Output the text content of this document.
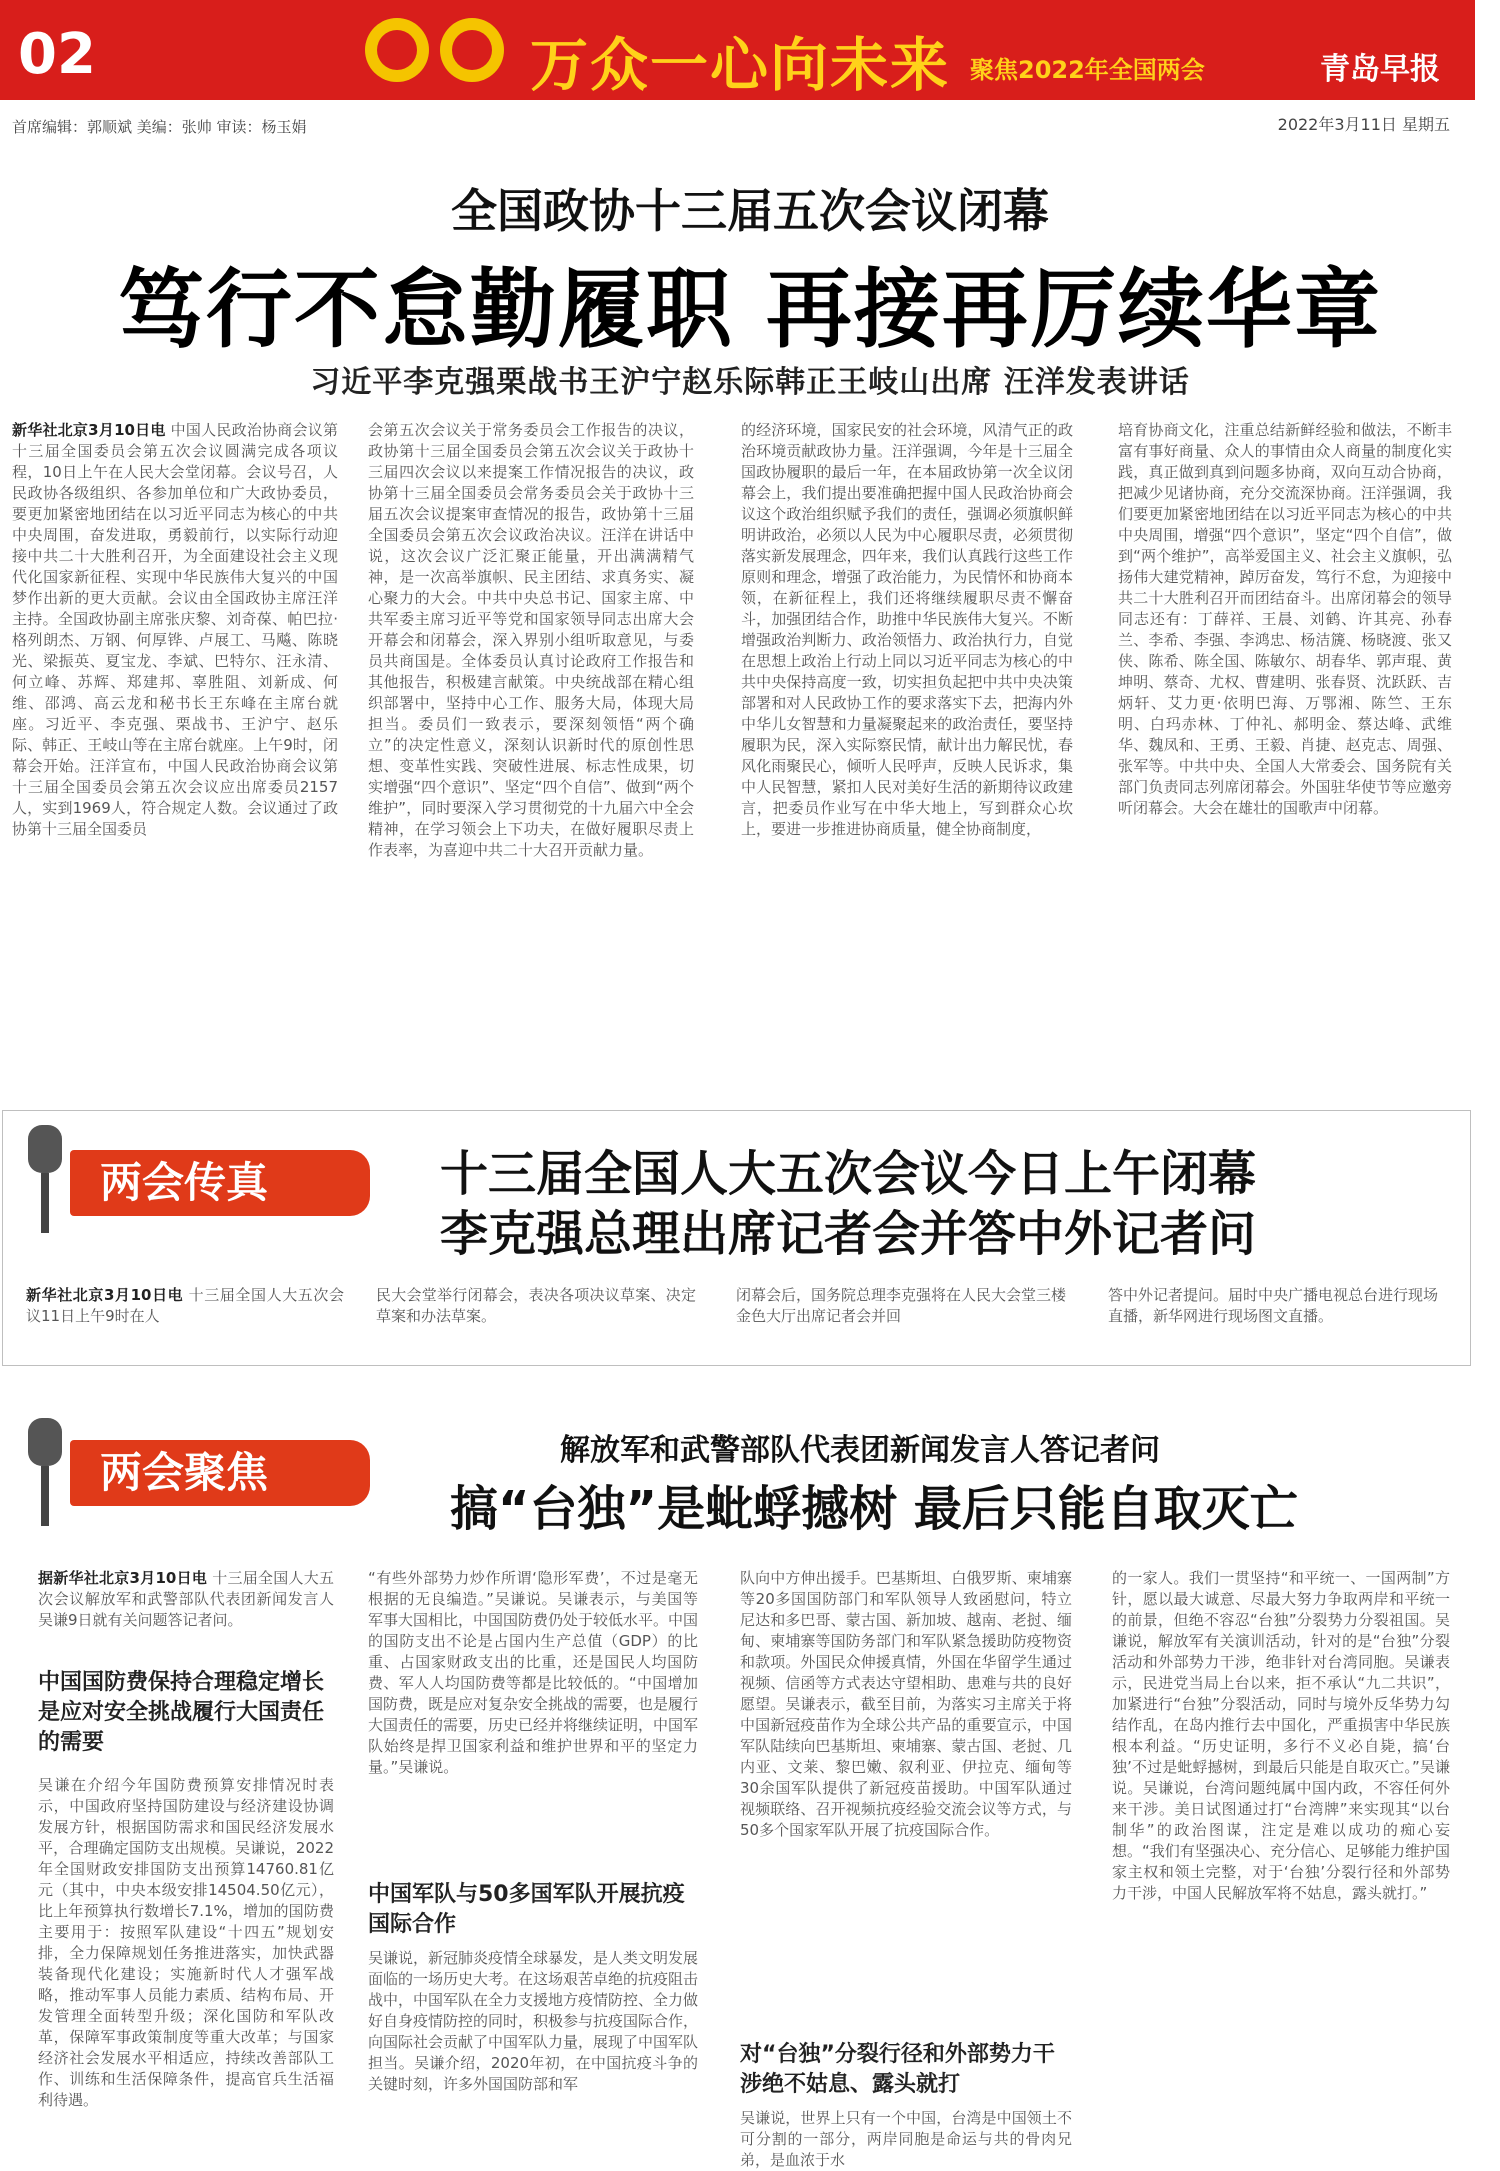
02	万众一心向未来 聚焦2022年全国两会	青岛早报
首席编辑：郭顺斌 美编：张帅 审读：杨玉娟	2022年3月11日 星期五
全国政协十三届五次会议闭幕
笃行不怠勤履职 再接再厉续华章
习近平李克强栗战书王沪宁赵乐际韩正王岐山出席 汪洋发表讲话
新华社北京3月10日电 中国人民政治协商会议第十三届全国委员会第五次会议圆满完成各项议程，10日上午在人民大会堂闭幕。会议号召，人民政协各级组织、各参加单位和广大政协委员，要更加紧密地团结在以习近平同志为核心的中共中央周围，奋发进取，勇毅前行，以实际行动迎接中共二十大胜利召开，为全面建设社会主义现代化国家新征程、实现中华民族伟大复兴的中国梦作出新的更大贡献。会议由全国政协主席汪洋主持。全国政协副主席张庆黎、刘奇葆、帕巴拉·格列朗杰、万钢、何厚铧、卢展工、马飚、陈晓光、梁振英、夏宝龙、李斌、巴特尔、汪永清、何立峰、苏辉、郑建邦、辜胜阻、刘新成、何维、邵鸿、高云龙和秘书长王东峰在主席台就座。习近平、李克强、栗战书、王沪宁、赵乐际、韩正、王岐山等在主席台就座。上午9时，闭幕会开始。汪洋宣布，中国人民政治协商会议第十三届全国委员会第五次会议应出席委员2157人，实到1969人，符合规定人数。会议通过了政协第十三届全国委员
会第五次会议关于常务委员会工作报告的决议，政协第十三届全国委员会第五次会议关于政协十三届四次会议以来提案工作情况报告的决议，政协第十三届全国委员会常务委员会关于政协十三届五次会议提案审查情况的报告，政协第十三届全国委员会第五次会议政治决议。汪洋在讲话中说，这次会议广泛汇聚正能量，开出满满精气神，是一次高举旗帜、民主团结、求真务实、凝心聚力的大会。中共中央总书记、国家主席、中共军委主席习近平等党和国家领导同志出席大会开幕会和闭幕会，深入界别小组听取意见，与委员共商国是。全体委员认真讨论政府工作报告和其他报告，积极建言献策。中央统战部在精心组织部署中，坚持中心工作、服务大局，体现大局担当。委员们一致表示，要深刻领悟“两个确立”的决定性意义，深刻认识新时代的原创性思想、变革性实践、突破性进展、标志性成果，切实增强“四个意识”、坚定“四个自信”、做到“两个维护”，同时要深入学习贯彻党的十九届六中全会精神，在学习领会上下功夫，在做好履职尽责上作表率，为喜迎中共二十大召开贡献力量。
的经济环境，国家民安的社会环境，风清气正的政治环境贡献政协力量。汪洋强调，今年是十三届全国政协履职的最后一年，在本届政协第一次全议闭幕会上，我们提出要准确把握中国人民政治协商会议这个政治组织赋予我们的责任，强调必须旗帜鲜明讲政治，必须以人民为中心履职尽责，必须贯彻落实新发展理念，四年来，我们认真践行这些工作原则和理念，增强了政治能力，为民情怀和协商本领，在新征程上，我们还将继续履职尽责不懈奋斗，加强团结合作，助推中华民族伟大复兴。不断增强政治判断力、政治领悟力、政治执行力，自觉在思想上政治上行动上同以习近平同志为核心的中共中央保持高度一致，切实担负起把中共中央决策部署和对人民政协工作的要求落实下去，把海内外中华儿女智慧和力量凝聚起来的政治责任，要坚持履职为民，深入实际察民情，献计出力解民忧，春风化雨聚民心，倾听人民呼声，反映人民诉求，集中人民智慧，紧扣人民对美好生活的新期待议政建言，把委员作业写在中华大地上，写到群众心坎上，要进一步推进协商质量，健全协商制度，
培育协商文化，注重总结新鲜经验和做法，不断丰富有事好商量、众人的事情由众人商量的制度化实践，真正做到真到问题多协商，双向互动合协商，把减少见诸协商，充分交流深协商。汪洋强调，我们要更加紧密地团结在以习近平同志为核心的中共中央周围，增强“四个意识”，坚定“四个自信”，做到“两个维护”，高举爱国主义、社会主义旗帜，弘扬伟大建党精神，踔厉奋发，笃行不怠，为迎接中共二十大胜利召开而团结奋斗。出席闭幕会的领导同志还有：丁薛祥、王晨、刘鹤、许其亮、孙春兰、李希、李强、李鸿忠、杨洁篪、杨晓渡、张又侠、陈希、陈全国、陈敏尔、胡春华、郭声琨、黄坤明、蔡奇、尤权、曹建明、张春贤、沈跃跃、吉炳轩、艾力更·依明巴海、万鄂湘、陈竺、王东明、白玛赤林、丁仲礼、郝明金、蔡达峰、武维华、魏凤和、王勇、王毅、肖捷、赵克志、周强、张军等。中共中央、全国人大常委会、国务院有关部门负责同志列席闭幕会。外国驻华使节等应邀旁听闭幕会。大会在雄壮的国歌声中闭幕。
两会传真	十三届全国人大五次会议今日上午闭幕
李克强总理出席记者会并答中外记者问
新华社北京3月10日电 十三届全国人大五次会议11日上午9时在人
民大会堂举行闭幕会，表决各项决议草案、决定草案和办法草案。
闭幕会后，国务院总理李克强将在人民大会堂三楼金色大厅出席记者会并回
答中外记者提问。届时中央广播电视总台进行现场直播，新华网进行现场图文直播。
两会聚焦	解放军和武警部队代表团新闻发言人答记者问
搞“台独”是蚍蜉撼树 最后只能自取灭亡
据新华社北京3月10日电 十三届全国人大五次会议解放军和武警部队代表团新闻发言人吴谦9日就有关问题答记者问。
中国国防费保持合理稳定增长是应对安全挑战履行大国责任的需要
吴谦在介绍今年国防费预算安排情况时表示，中国政府坚持国防建设与经济建设协调发展方针，根据国防需求和国民经济发展水平，合理确定国防支出规模。吴谦说，2022年全国财政安排国防支出预算14760.81亿元（其中，中央本级安排14504.50亿元），比上年预算执行数增长7.1%，增加的国防费主要用于：按照军队建设“十四五”规划安排，全力保障规划任务推进落实，加快武器装备现代化建设；实施新时代人才强军战略，推动军事人员能力素质、结构布局、开发管理全面转型升级；深化国防和军队改革，保障军事政策制度等重大改革；与国家经济社会发展水平相适应，持续改善部队工作、训练和生活保障条件，提高官兵生活福利待遇。
“有些外部势力炒作所谓‘隐形军费’，不过是毫无根据的无良编造。”吴谦说。吴谦表示，与美国等军事大国相比，中国国防费仍处于较低水平。中国的国防支出不论是占国内生产总值（GDP）的比重、占国家财政支出的比重，还是国民人均国防费、军人人均国防费等都是比较低的。“中国增加国防费，既是应对复杂安全挑战的需要，也是履行大国责任的需要，历史已经并将继续证明，中国军队始终是捍卫国家利益和维护世界和平的坚定力量。”吴谦说。
中国军队与50多国军队开展抗疫国际合作
吴谦说，新冠肺炎疫情全球暴发，是人类文明发展面临的一场历史大考。在这场艰苦卓绝的抗疫阻击战中，中国军队在全力支援地方疫情防控、全力做好自身疫情防控的同时，积极参与抗疫国际合作，向国际社会贡献了中国军队力量，展现了中国军队担当。吴谦介绍，2020年初，在中国抗疫斗争的关键时刻，许多外国国防部和军
队向中方伸出援手。巴基斯坦、白俄罗斯、柬埔寨等20多国国防部门和军队领导人致函慰问，特立尼达和多巴哥、蒙古国、新加坡、越南、老挝、缅甸、柬埔寨等国防务部门和军队紧急援助防疫物资和款项。外国民众伸援真情，外国在华留学生通过视频、信函等方式表达守望相助、患难与共的良好愿望。吴谦表示，截至目前，为落实习主席关于将中国新冠疫苗作为全球公共产品的重要宣示，中国军队陆续向巴基斯坦、柬埔寨、蒙古国、老挝、几内亚、文莱、黎巴嫩、叙利亚、伊拉克、缅甸等30余国军队提供了新冠疫苗援助。中国军队通过视频联络、召开视频抗疫经验交流会议等方式，与50多个国家军队开展了抗疫国际合作。
对“台独”分裂行径和外部势力干涉绝不姑息、露头就打
吴谦说，世界上只有一个中国，台湾是中国领土不可分割的一部分，两岸同胞是命运与共的骨肉兄弟，是血浓于水
的一家人。我们一贯坚持“和平统一、一国两制”方针，愿以最大诚意、尽最大努力争取两岸和平统一的前景，但绝不容忍“台独”分裂势力分裂祖国。吴谦说，解放军有关演训活动，针对的是“台独”分裂活动和外部势力干涉，绝非针对台湾同胞。吴谦表示，民进党当局上台以来，拒不承认“九二共识”，加紧进行“台独”分裂活动，同时与境外反华势力勾结作乱，在岛内推行去中国化，严重损害中华民族根本利益。“历史证明，多行不义必自毙，搞‘台独’不过是蚍蜉撼树，到最后只能是自取灭亡。”吴谦说。吴谦说，台湾问题纯属中国内政，不容任何外来干涉。美日试图通过打“台湾牌”来实现其“以台制华”的政治图谋，注定是难以成功的痴心妄想。“我们有坚强决心、充分信心、足够能力维护国家主权和领土完整，对于‘台独’分裂行径和外部势力干涉，中国人民解放军将不姑息，露头就打。”
